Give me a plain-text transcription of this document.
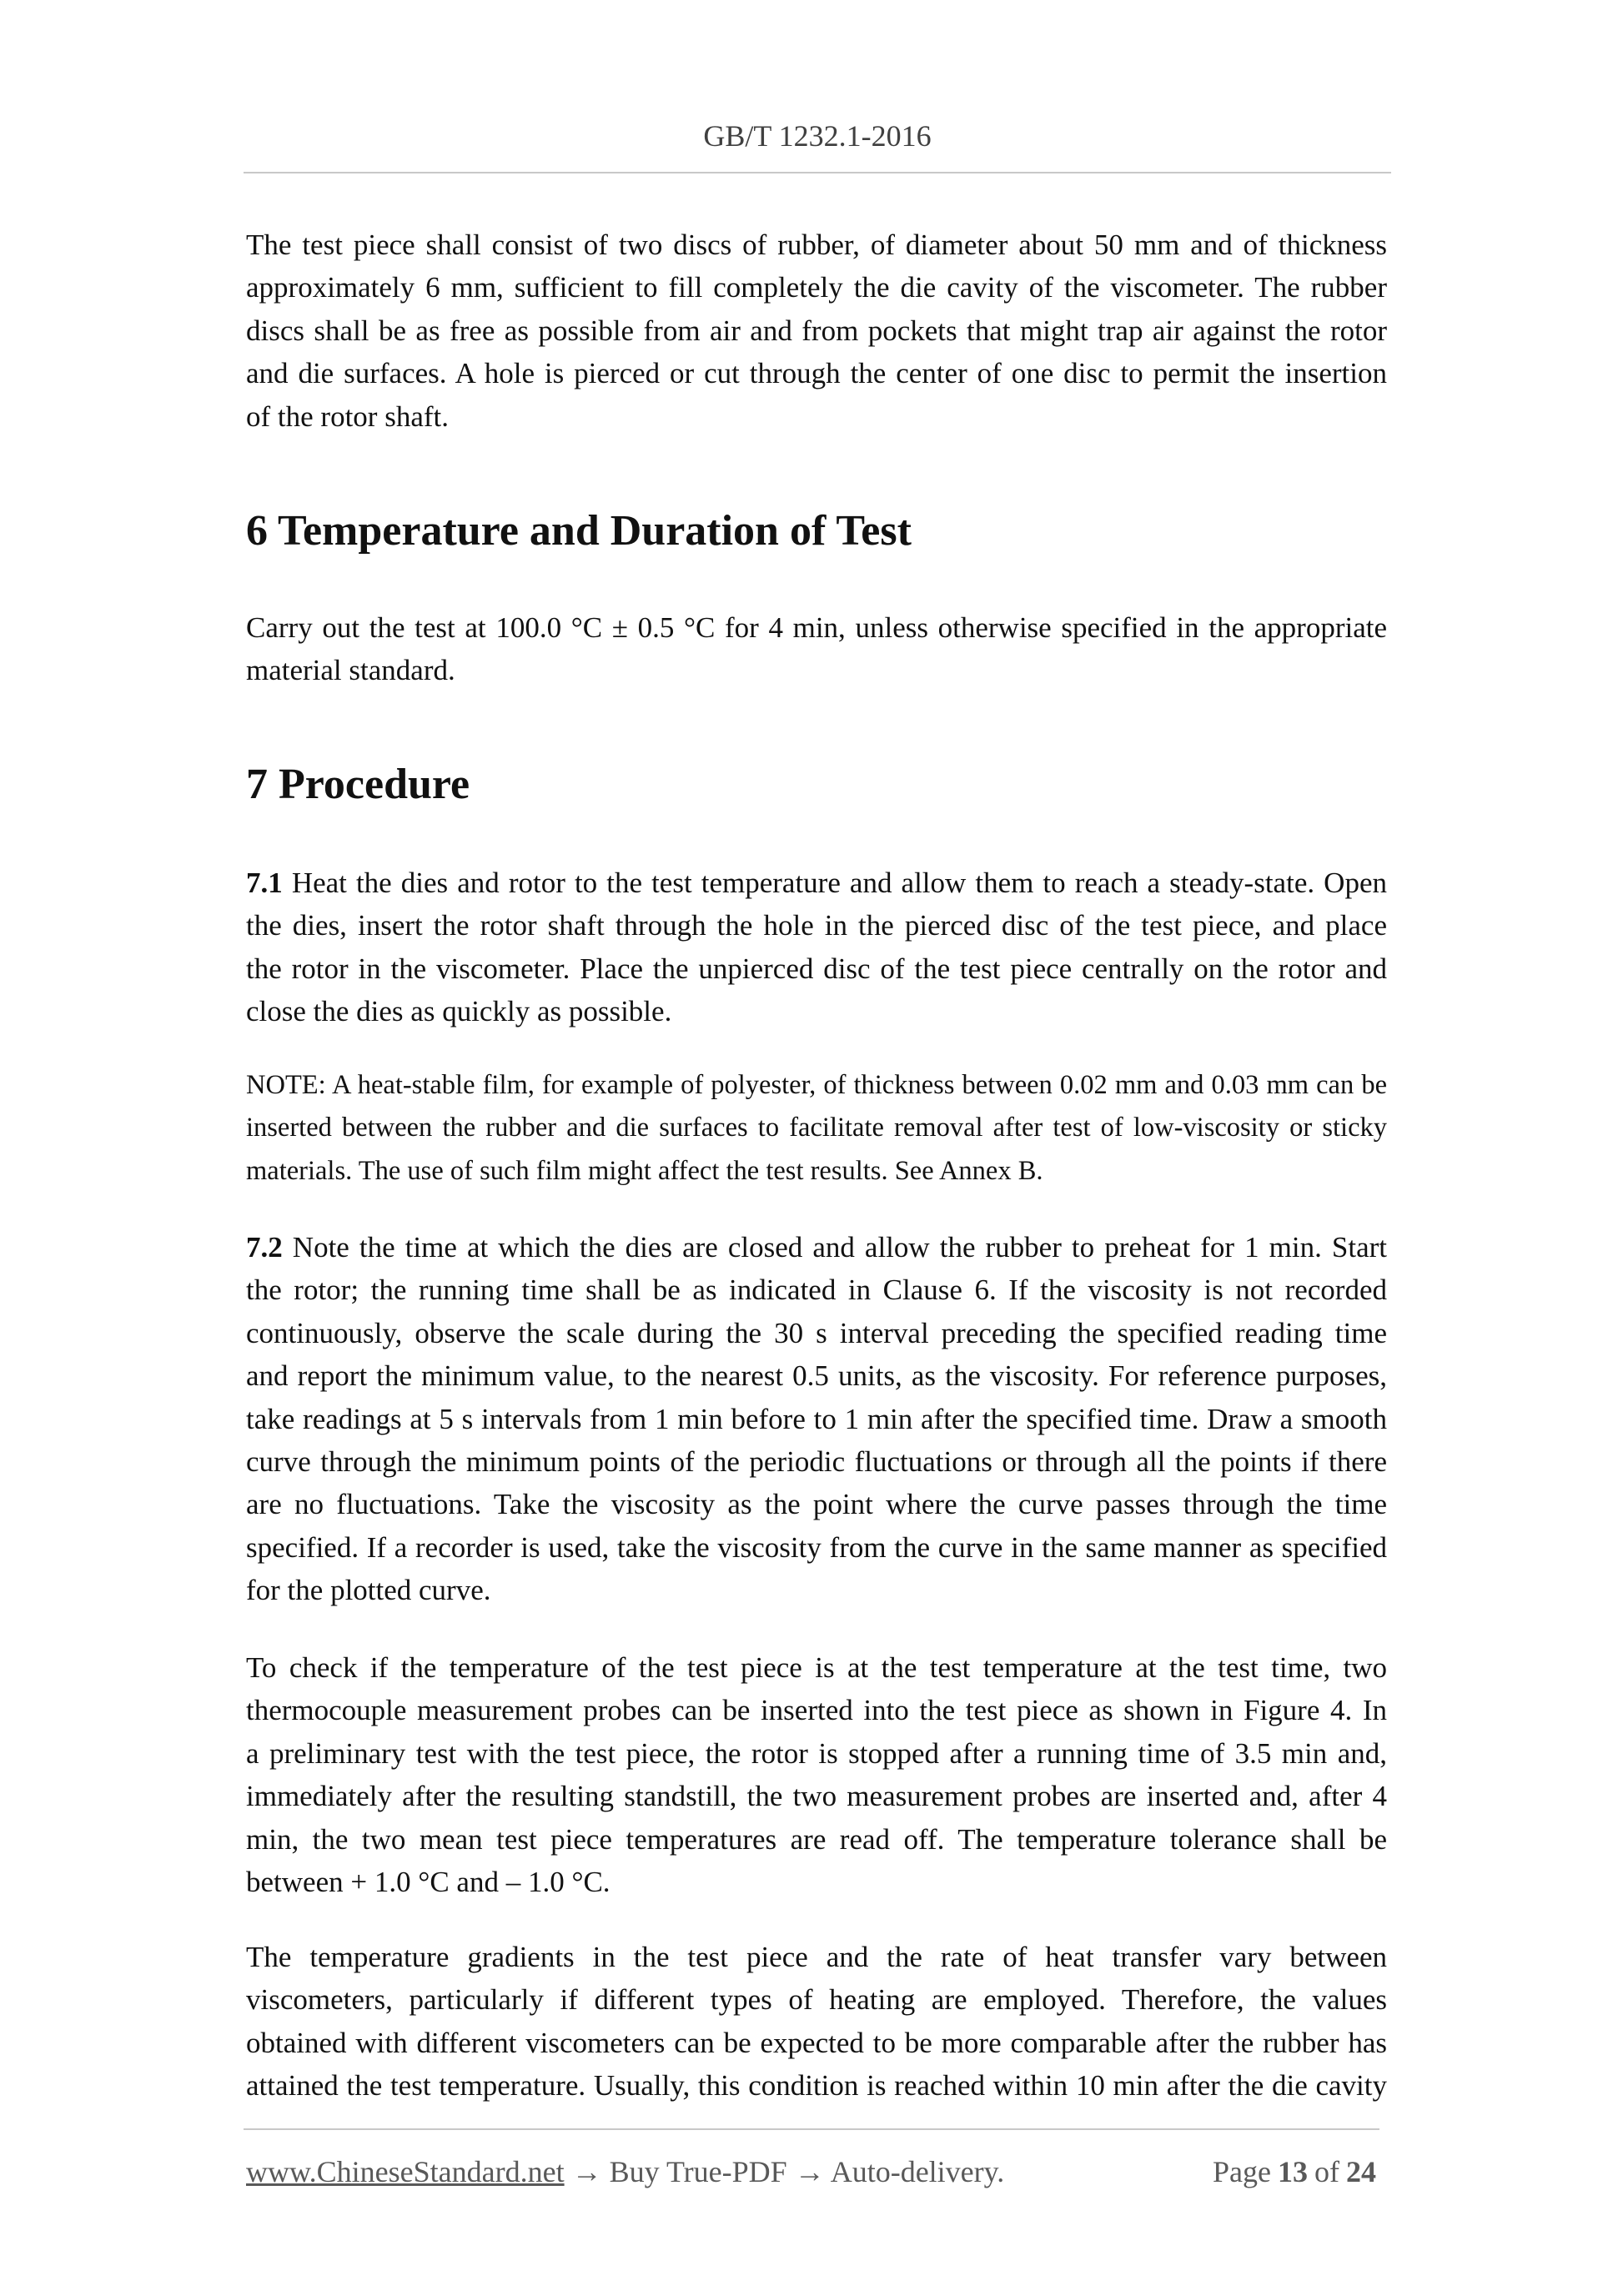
GB/T 1232.1-2016
The test piece shall consist of two discs of rubber, of diameter about 50 mm and of thickness
approximately 6 mm, sufficient to fill completely the die cavity of the viscometer. The rubber
discs shall be as free as possible from air and from pockets that might trap air against the rotor
and die surfaces. A hole is pierced or cut through the center of one disc to permit the insertion
of the rotor shaft.
6 Temperature and Duration of Test
Carry out the test at 100.0 °C ± 0.5 °C for 4 min, unless otherwise specified in the appropriate
material standard.
7 Procedure
7.1 Heat the dies and rotor to the test temperature and allow them to reach a steady-state. Open
the dies, insert the rotor shaft through the hole in the pierced disc of the test piece, and place
the rotor in the viscometer. Place the unpierced disc of the test piece centrally on the rotor and
close the dies as quickly as possible.
NOTE: A heat-stable film, for example of polyester, of thickness between 0.02 mm and 0.03 mm can be
inserted between the rubber and die surfaces to facilitate removal after test of low-viscosity or sticky
materials. The use of such film might affect the test results. See Annex B.
7.2 Note the time at which the dies are closed and allow the rubber to preheat for 1 min. Start
the rotor; the running time shall be as indicated in Clause 6. If the viscosity is not recorded
continuously, observe the scale during the 30 s interval preceding the specified reading time
and report the minimum value, to the nearest 0.5 units, as the viscosity. For reference purposes,
take readings at 5 s intervals from 1 min before to 1 min after the specified time. Draw a smooth
curve through the minimum points of the periodic fluctuations or through all the points if there
are no fluctuations. Take the viscosity as the point where the curve passes through the time
specified. If a recorder is used, take the viscosity from the curve in the same manner as specified
for the plotted curve.
To check if the temperature of the test piece is at the test temperature at the test time, two
thermocouple measurement probes can be inserted into the test piece as shown in Figure 4. In
a preliminary test with the test piece, the rotor is stopped after a running time of 3.5 min and,
immediately after the resulting standstill, the two measurement probes are inserted and, after 4
min, the two mean test piece temperatures are read off. The temperature tolerance shall be
between + 1.0 °C and – 1.0 °C.
The temperature gradients in the test piece and the rate of heat transfer vary between
viscometers, particularly if different types of heating are employed. Therefore, the values
obtained with different viscometers can be expected to be more comparable after the rubber has
attained the test temperature. Usually, this condition is reached within 10 min after the die cavity
www.ChineseStandard.net → Buy True-PDF → Auto-delivery.	Page 13 of 24
